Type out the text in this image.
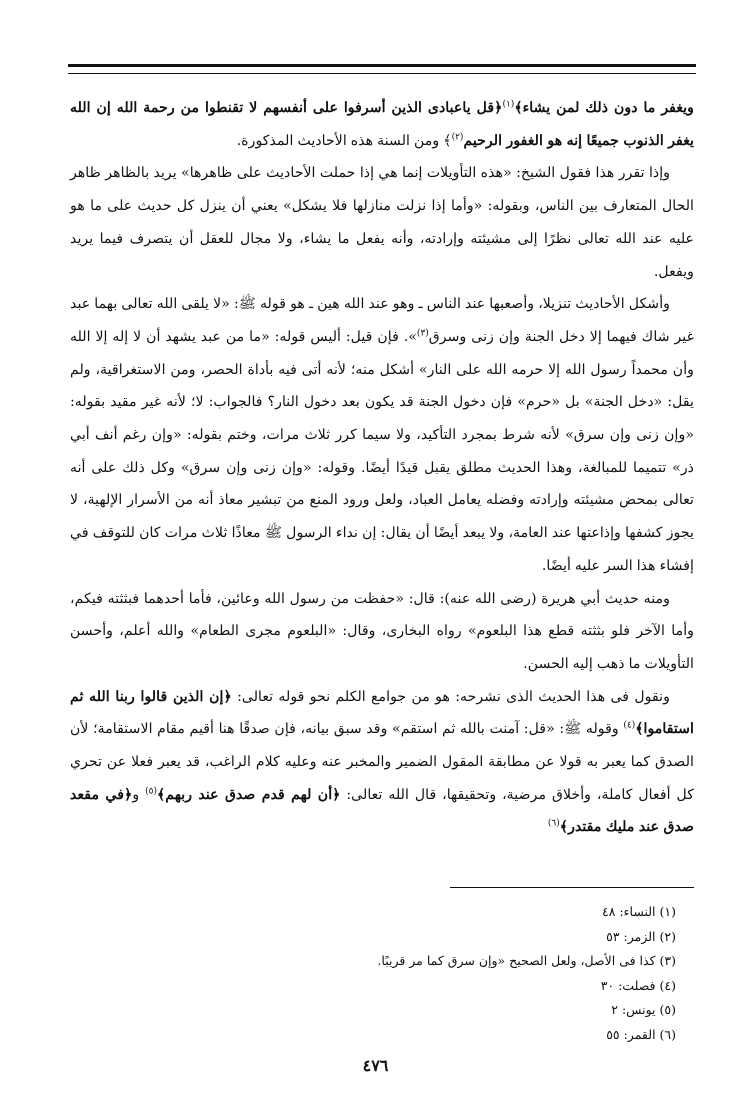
ويغفر ما دون ذلك لمن يشاء﴾$^{(١)}$﴿قل ياعبادى الذين أسرفوا على أنفسهم لا تقنطوا من رحمة الله إن الله يغفر الذنوب جميعًا إنه هو الغفور الرحيم$^{(٢)}$﴾ ومن السنة هذه الأحاديث المذكورة.

وإذا تقرر هذا فقول الشيخ: «هذه التأويلات إنما هي إذا حملت الأحاديث على ظاهرها» يريد بالظاهر ظاهر الحال المتعارف بين الناس، وبقوله: «وأما إذا نزلت منازلها فلا يشكل» يعني أن ينزل كل حديث على ما هو عليه عند الله تعالى نظرًا إلى مشيئته وإرادته، وأنه يفعل ما يشاء، ولا مجال للعقل أن يتصرف فيما يريد ويفعل.

وأشكل الأحاديث تنزيلا، وأصعبها عند الناس ـ وهو عند الله هين ـ هو قوله ﷺ: «لا يلقى الله تعالى بهما عبد غير شاك فيهما إلا دخل الجنة وإن زنى وسرق$^{(٣)}$». فإن قيل: أليس قوله: «ما من عبد يشهد أن لا إله إلا الله وأن محمداً رسول الله إلا حرمه الله على النار» أشكل منه؛ لأنه أتى فيه بأداة الحصر، ومن الاستغراقية، ولم يقل: «دخل الجنة» بل «حرم» فإن دخول الجنة قد يكون بعد دخول النار؟ فالجواب: لا؛ لأنه غير مقيد بقوله: «وإن زنى وإن سرق» لأنه شرط بمجرد التأكيد، ولا سيما كرر ثلاث مرات، وختم بقوله: «وإن رغم أنف أبي ذر» تتميما للمبالغة، وهذا الحديث مطلق يقبل قيدًا أيضًا. وقوله: «وإن زنى وإن سرق» وكل ذلك على أنه تعالى بمحض مشيئته وإرادته وفضله يعامل العباد، ولعل ورود المنع من تبشير معاذ أنه من الأسرار الإلهية، لا يجوز كشفها وإذاعتها عند العامة، ولا يبعد أيضًا أن يقال: إن نداء الرسول ﷺ معاذًا ثلاث مرات كان للتوقف في إفشاء هذا السر عليه أيضًا.

ومنه حديث أبي هريرة (رضى الله عنه): قال: «حفظت من رسول الله وعائين، فأما أحدهما فبثثته فيكم، وأما الآخر فلو بثثته قطع هذا البلعوم» رواه البخارى، وقال: «البلعوم مجرى الطعام» والله أعلم، وأحسن التأويلات ما ذهب إليه الحسن.

ونقول فى هذا الحديث الذى نشرحه: هو من جوامع الكلم نحو قوله تعالى: ﴿إن الذين قالوا ربنا الله ثم استقاموا﴾$^{(٤)}$ وقوله ﷺ: «قل: آمنت بالله ثم استقم» وقد سبق بيانه، فإن صدقًا هنا أقيم مقام الاستقامة؛ لأن الصدق كما يعبر به قولا عن مطابقة المقول الضمير والمخبر عنه وعليه كلام الراغب، قد يعبر فعلا عن تحري كل أفعال كاملة، وأخلاق مرضية، وتحقيقها، قال الله تعالى: ﴿أن لهم قدم صدق عند ربهم﴾$^{(٥)}$ و﴿في مقعد صدق عند مليك مقتدر﴾$^{(٦)}$

(١) النساء: ٤٨
(٢) الزمر: ٥٣
(٣) كذا فى الأصل، ولعل الصحيح «وإن سرق كما مر قريبًا.
(٤) فصلت: ٣٠
(٥) يونس: ٢
(٦) القمر: ٥٥
٤٧٦
